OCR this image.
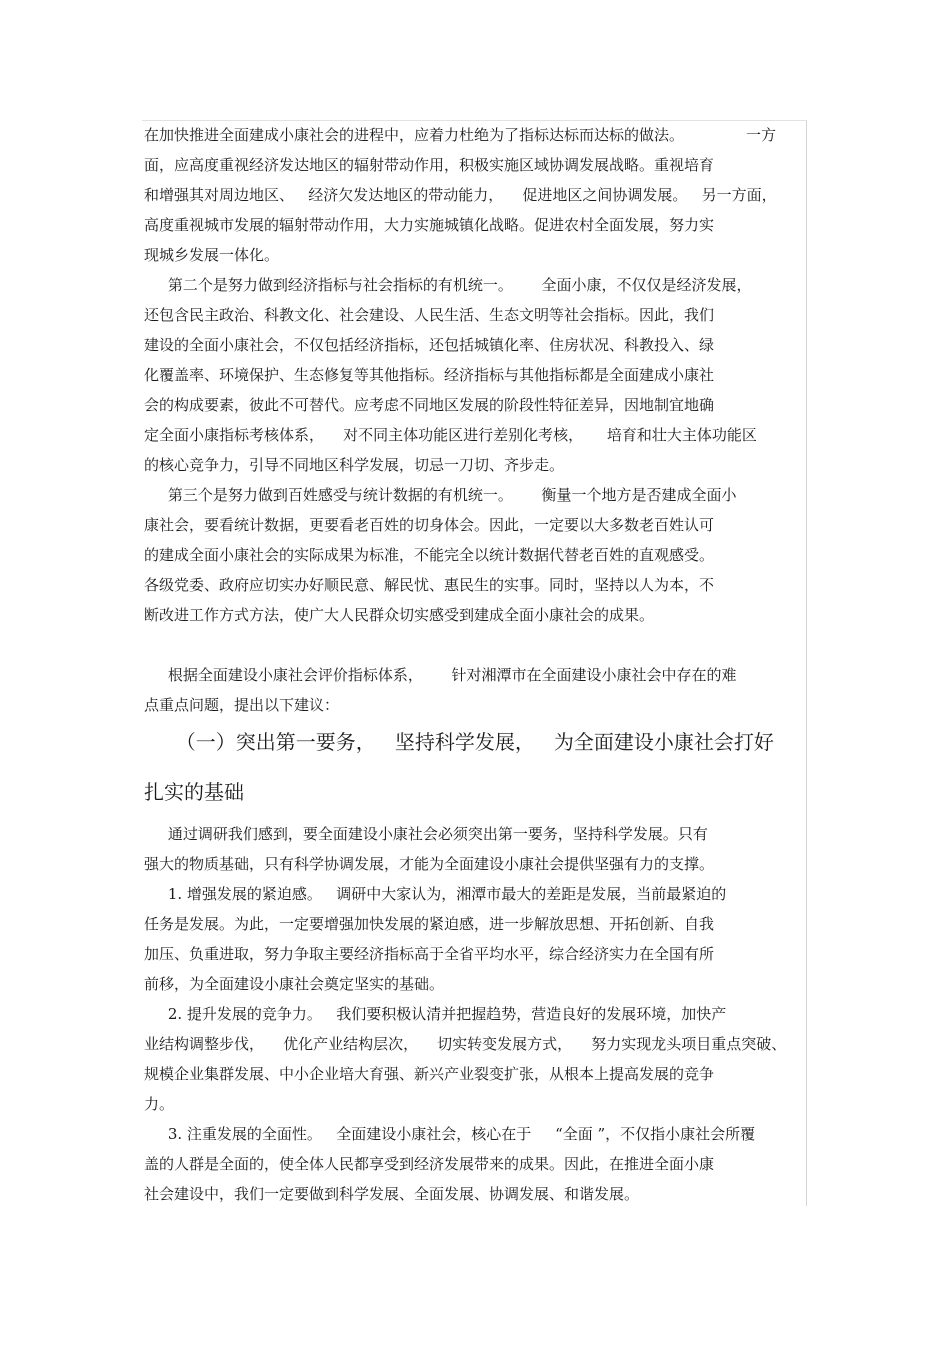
在加快推进全面建成小康社会的进程中，应着力杜绝为了指标达标而达标的做法。             一方
面，应高度重视经济发达地区的辐射带动作用，积极实施区域协调发展战略。重视培育
和增强其对周边地区、   经济欠发达地区的带动能力，    促进地区之间协调发展。   另一方面，
高度重视城市发展的辐射带动作用，大力实施城镇化战略。促进农村全面发展，努力实
现城乡发展一体化。
第二个是努力做到经济指标与社会指标的有机统一。      全面小康，不仅仅是经济发展，
还包含民主政治、科教文化、社会建设、人民生活、生态文明等社会指标。因此，我们
建设的全面小康社会，不仅包括经济指标，还包括城镇化率、住房状况、科教投入、绿
化覆盖率、环境保护、生态修复等其他指标。经济指标与其他指标都是全面建成小康社
会的构成要素，彼此不可替代。应考虑不同地区发展的阶段性特征差异，因地制宜地确
定全面小康指标考核体系，    对不同主体功能区进行差别化考核，     培育和壮大主体功能区
的核心竞争力，引导不同地区科学发展，切忌一刀切、齐步走。
第三个是努力做到百姓感受与统计数据的有机统一。      衡量一个地方是否建成全面小
康社会，要看统计数据，更要看老百姓的切身体会。因此，一定要以大多数老百姓认可
的建成全面小康社会的实际成果为标准，不能完全以统计数据代替老百姓的直观感受。
各级党委、政府应切实办好顺民意、解民忧、惠民生的实事。同时，坚持以人为本，不
断改进工作方式方法，使广大人民群众切实感受到建成全面小康社会的成果。
根据全面建设小康社会评价指标体系，      针对湘潭市在全面建设小康社会中存在的难
点重点问题，提出以下建议：
（一）突出第一要务，   坚持科学发展，   为全面建设小康社会打好
扎实的基础
通过调研我们感到，要全面建设小康社会必须突出第一要务，坚持科学发展。只有
强大的物质基础，只有科学协调发展，才能为全面建设小康社会提供坚强有力的支撑。
1. 增强发展的紧迫感。   调研中大家认为，湘潭市最大的差距是发展，当前最紧迫的
任务是发展。为此，一定要增强加快发展的紧迫感，进一步解放思想、开拓创新、自我
加压、负重进取，努力争取主要经济指标高于全省平均水平，综合经济实力在全国有所
前移，为全面建设小康社会奠定坚实的基础。
2. 提升发展的竞争力。   我们要积极认清并把握趋势，营造良好的发展环境，加快产
业结构调整步伐，    优化产业结构层次，    切实转变发展方式，    努力实现龙头项目重点突破、
规模企业集群发展、中小企业培大育强、新兴产业裂变扩张，从根本上提高发展的竞争
力。
3. 注重发展的全面性。   全面建设小康社会，核心在于     “全面 ”，不仅指小康社会所覆
盖的人群是全面的，使全体人民都享受到经济发展带来的成果。因此，在推进全面小康
社会建设中，我们一定要做到科学发展、全面发展、协调发展、和谐发展。
